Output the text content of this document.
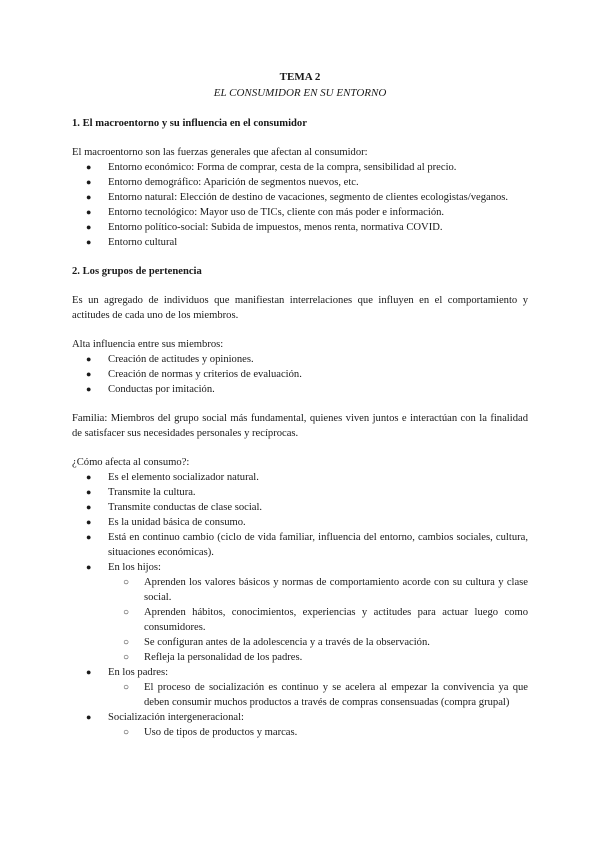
TEMA 2
EL CONSUMIDOR EN SU ENTORNO

1. El macroentorno y su influencia en el consumidor

El macroentorno son las fuerzas generales que afectan al consumidor:

● Entorno económico: Forma de comprar, cesta de la compra, sensibilidad al precio.
● Entorno demográfico: Aparición de segmentos nuevos, etc.
● Entorno natural: Elección de destino de vacaciones, segmento de clientes ecologistas/veganos.
● Entorno tecnológico: Mayor uso de TICs, cliente con más poder e información.
● Entorno político-social: Subida de impuestos, menos renta, normativa COVID.
● Entorno cultural

2. Los grupos de pertenencia

Es un agregado de individuos que manifiestan interrelaciones que influyen en el comportamiento y actitudes de cada uno de los miembros.

Alta influencia entre sus miembros:

● Creación de actitudes y opiniones.
● Creación de normas y criterios de evaluación.
● Conductas por imitación.

Familia: Miembros del grupo social más fundamental, quienes viven juntos e interactúan con la finalidad de satisfacer sus necesidades personales y recíprocas.

¿Cómo afecta al consumo?:

● Es el elemento socializador natural.
● Transmite la cultura.
● Transmite conductas de clase social.
● Es la unidad básica de consumo.
● Está en continuo cambio (ciclo de vida familiar, influencia del entorno, cambios sociales, cultura, situaciones económicas).
● En los hijos:
○ Aprenden los valores básicos y normas de comportamiento acorde con su cultura y clase social.
○ Aprenden hábitos, conocimientos, experiencias y actitudes para actuar luego como consumidores.
○ Se configuran antes de la adolescencia y a través de la observación.
○ Refleja la personalidad de los padres.
● En los padres:
○ El proceso de socialización es continuo y se acelera al empezar la convivencia ya que deben consumir muchos productos a través de compras consensuadas (compra grupal)
● Socialización intergeneracional:
○ Uso de tipos de productos y marcas.
